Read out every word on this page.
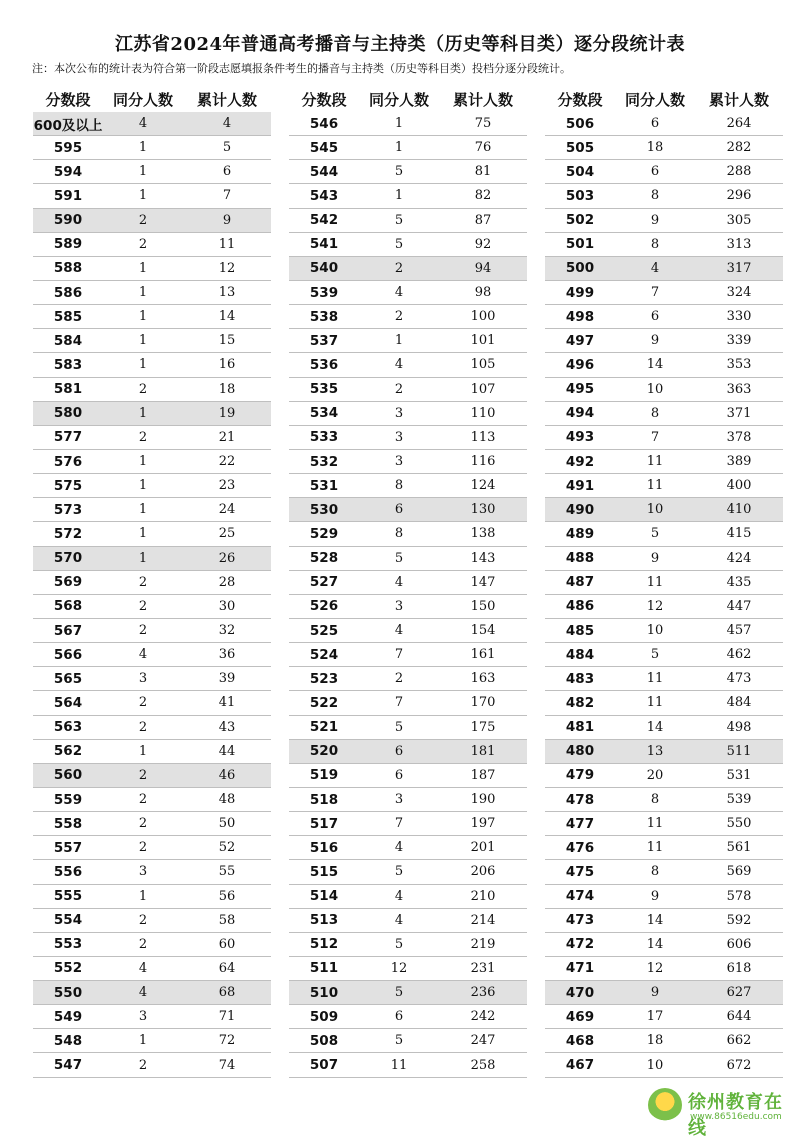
江苏省2024年普通高考播音与主持类（历史等科目类）逐分段统计表
注：本次公布的统计表为符合第一阶段志愿填报条件考生的播音与主持类（历史等科目类）投档分逐分段统计。
分数段	同分人数	累计人数
600及以上	4	4
595	1	5
594	1	6
591	1	7
590	2	9
589	2	11
588	1	12
586	1	13
585	1	14
584	1	15
583	1	16
581	2	18
580	1	19
577	2	21
576	1	22
575	1	23
573	1	24
572	1	25
570	1	26
569	2	28
568	2	30
567	2	32
566	4	36
565	3	39
564	2	41
563	2	43
562	1	44
560	2	46
559	2	48
558	2	50
557	2	52
556	3	55
555	1	56
554	2	58
553	2	60
552	4	64
550	4	68
549	3	71
548	1	72
547	2	74
分数段	同分人数	累计人数
546	1	75
545	1	76
544	5	81
543	1	82
542	5	87
541	5	92
540	2	94
539	4	98
538	2	100
537	1	101
536	4	105
535	2	107
534	3	110
533	3	113
532	3	116
531	8	124
530	6	130
529	8	138
528	5	143
527	4	147
526	3	150
525	4	154
524	7	161
523	2	163
522	7	170
521	5	175
520	6	181
519	6	187
518	3	190
517	7	197
516	4	201
515	5	206
514	4	210
513	4	214
512	5	219
511	12	231
510	5	236
509	6	242
508	5	247
507	11	258
分数段	同分人数	累计人数
506	6	264
505	18	282
504	6	288
503	8	296
502	9	305
501	8	313
500	4	317
499	7	324
498	6	330
497	9	339
496	14	353
495	10	363
494	8	371
493	7	378
492	11	389
491	11	400
490	10	410
489	5	415
488	9	424
487	11	435
486	12	447
485	10	457
484	5	462
483	11	473
482	11	484
481	14	498
480	13	511
479	20	531
478	8	539
477	11	550
476	11	561
475	8	569
474	9	578
473	14	592
472	14	606
471	12	618
470	9	627
469	17	644
468	18	662
467	10	672
徐州教育在线
www.86516edu.com
